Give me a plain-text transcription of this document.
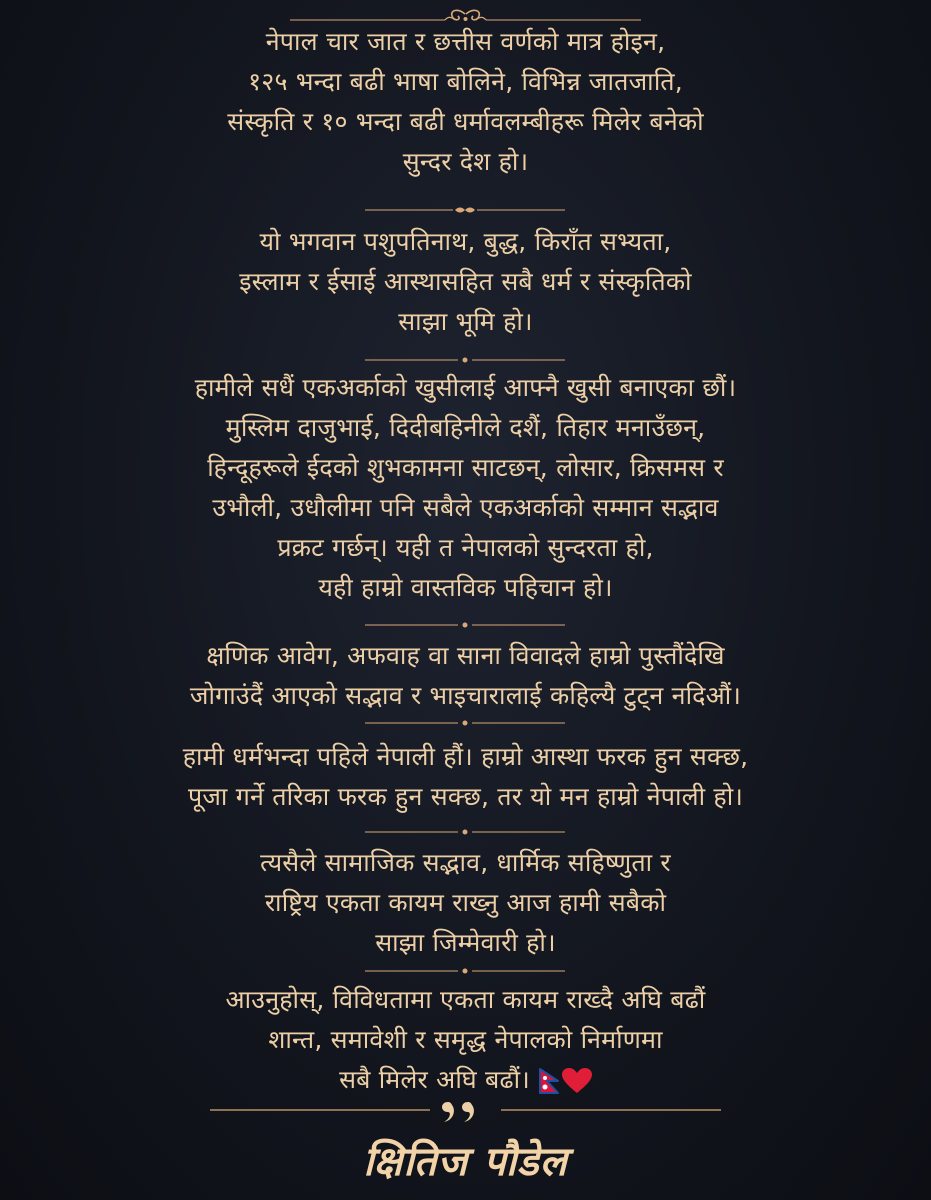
नेपाल चार जात र छत्तीस वर्णको मात्र होइन,
१२५ भन्दा बढी भाषा बोलिने, विभिन्न जातजाति,
संस्कृति र १० भन्दा बढी धर्मावलम्बीहरू मिलेर बनेको
सुन्दर देश हो।
यो भगवान पशुपतिनाथ, बुद्ध, किराँत सभ्यता,
इस्लाम र ईसाई आस्थासहित सबै धर्म र संस्कृतिको
साझा भूमि हो।
हामीले सधैं एकअर्काको खुसीलाई आफ्नै खुसी बनाएका छौं।
मुस्लिम दाजुभाई, दिदीबहिनीले दशैं, तिहार मनाउँछन्,
हिन्दूहरूले ईदको शुभकामना साटछन्, लोसार, क्रिसमस र
उभौली, उधौलीमा पनि सबैले एकअर्काको सम्मान सद्भाव
प्रक्रट गर्छन्। यही त नेपालको सुन्दरता हो,
यही हाम्रो वास्तविक पहिचान हो।
क्षणिक आवेग, अफवाह वा साना विवादले हाम्रो पुस्तौंदेखि
जोगाउंदैं आएको सद्भाव र भाइचारालाई कहिल्यै टुट्न नदिऔं।
हामी धर्मभन्दा पहिले नेपाली हौं। हाम्रो आस्था फरक हुन सक्छ,
पूजा गर्ने तरिका फरक हुन सक्छ, तर यो मन हाम्रो नेपाली हो।
त्यसैले सामाजिक सद्भाव, धार्मिक सहिष्णुता र
राष्ट्रिय एकता कायम राख्नु आज हामी सबैको
साझा जिम्मेवारी हो।
आउनुहोस्, विविधतामा एकता कायम राख्दै अघि बढौं
शान्त, समावेशी र समृद्ध नेपालको निर्माणमा
सबै मिलेर अघि बढौं।
क्षितिज पौडेल
